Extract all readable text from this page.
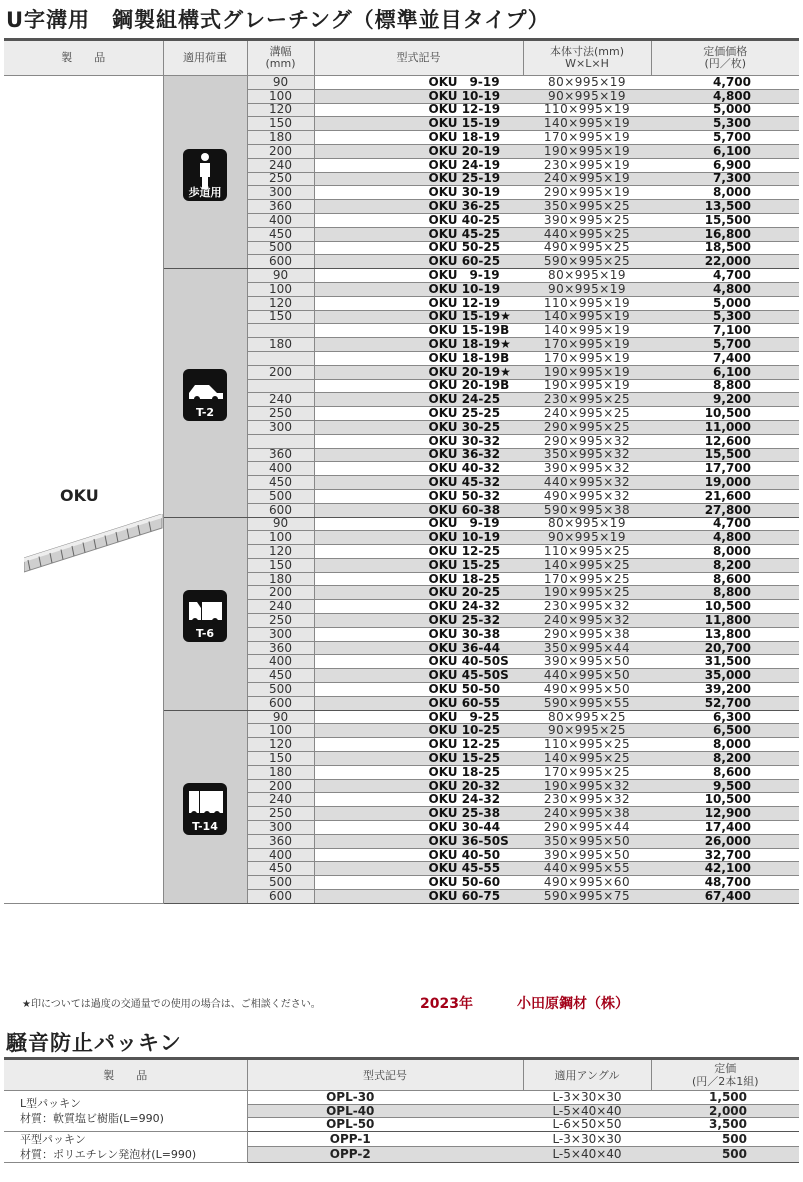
U字溝用　鋼製組構式グレーチング（標準並目タイプ）
製　　品	適用荷重	溝幅
(mm)	型式記号	本体寸法(mm)
W×L×H	定価価格
(円／枚)

OKU	歩道用	90	OKU　9-19	80×995×19	4,700
		100	OKU 10-19	90×995×19	4,800
		120	OKU 12-19	110×995×19	5,000
		150	OKU 15-19	140×995×19	5,300
		180	OKU 18-19	170×995×19	5,700
		200	OKU 20-19	190×995×19	6,100
		240	OKU 24-19	230×995×19	6,900
		250	OKU 25-19	240×995×19	7,300
		300	OKU 30-19	290×995×19	8,000
		360	OKU 36-25	350×995×25	13,500
		400	OKU 40-25	390×995×25	15,500
		450	OKU 45-25	440×995×25	16,800
		500	OKU 50-25	490×995×25	18,500
		600	OKU 60-25	590×995×25	22,000

	T-2	90	OKU　9-19	80×995×19	4,700
		100	OKU 10-19	90×995×19	4,800
		120	OKU 12-19	110×995×19	5,000
		150	OKU 15-19★	140×995×19	5,300
			OKU 15-19B	140×995×19	7,100
		180	OKU 18-19★	170×995×19	5,700
			OKU 18-19B	170×995×19	7,400
		200	OKU 20-19★	190×995×19	6,100
			OKU 20-19B	190×995×19	8,800
		240	OKU 24-25	230×995×25	9,200
		250	OKU 25-25	240×995×25	10,500
		300	OKU 30-25	290×995×25	11,000
			OKU 30-32	290×995×32	12,600
		360	OKU 36-32	350×995×32	15,500
		400	OKU 40-32	390×995×32	17,700
		450	OKU 45-32	440×995×32	19,000
		500	OKU 50-32	490×995×32	21,600
		600	OKU 60-38	590×995×38	27,800

	T-6	90	OKU　9-19	80×995×19	4,700
		100	OKU 10-19	90×995×19	4,800
		120	OKU 12-25	110×995×25	8,000
		150	OKU 15-25	140×995×25	8,200
		180	OKU 18-25	170×995×25	8,600
		200	OKU 20-25	190×995×25	8,800
		240	OKU 24-32	230×995×32	10,500
		250	OKU 25-32	240×995×32	11,800
		300	OKU 30-38	290×995×38	13,800
		360	OKU 36-44	350×995×44	20,700
		400	OKU 40-50S	390×995×50	31,500
		450	OKU 45-50S	440×995×50	35,000
		500	OKU 50-50	490×995×50	39,200
		600	OKU 60-55	590×995×55	52,700

	T-14	90	OKU　9-25	80×995×25	6,300
		100	OKU 10-25	90×995×25	6,500
		120	OKU 12-25	110×995×25	8,000
		150	OKU 15-25	140×995×25	8,200
		180	OKU 18-25	170×995×25	8,600
		200	OKU 20-32	190×995×32	9,500
		240	OKU 24-32	230×995×32	10,500
		250	OKU 25-38	240×995×38	12,900
		300	OKU 30-44	290×995×44	17,400
		360	OKU 36-50S	350×995×50	26,000
		400	OKU 40-50	390×995×50	32,700
		450	OKU 45-55	440×995×55	42,100
		500	OKU 50-60	490×995×60	48,700
		600	OKU 60-75	590×995×75	67,400
★印については過度の交通量での使用の場合は、ご相談ください。	2023年	小田原鋼材（株）
騒音防止パッキン
製　　品	型式記号	適用アングル	定価
(円／2本1組)
L型パッキン
材質：軟質塩ビ樹脂(L=990)	OPL-30	L-3×30×30	1,500
	OPL-40	L-5×40×40	2,000
	OPL-50	L-6×50×50	3,500
平型パッキン
材質：ポリエチレン発泡材(L=990)	OPP-1	L-3×30×30	500
	OPP-2	L-5×40×40	500
